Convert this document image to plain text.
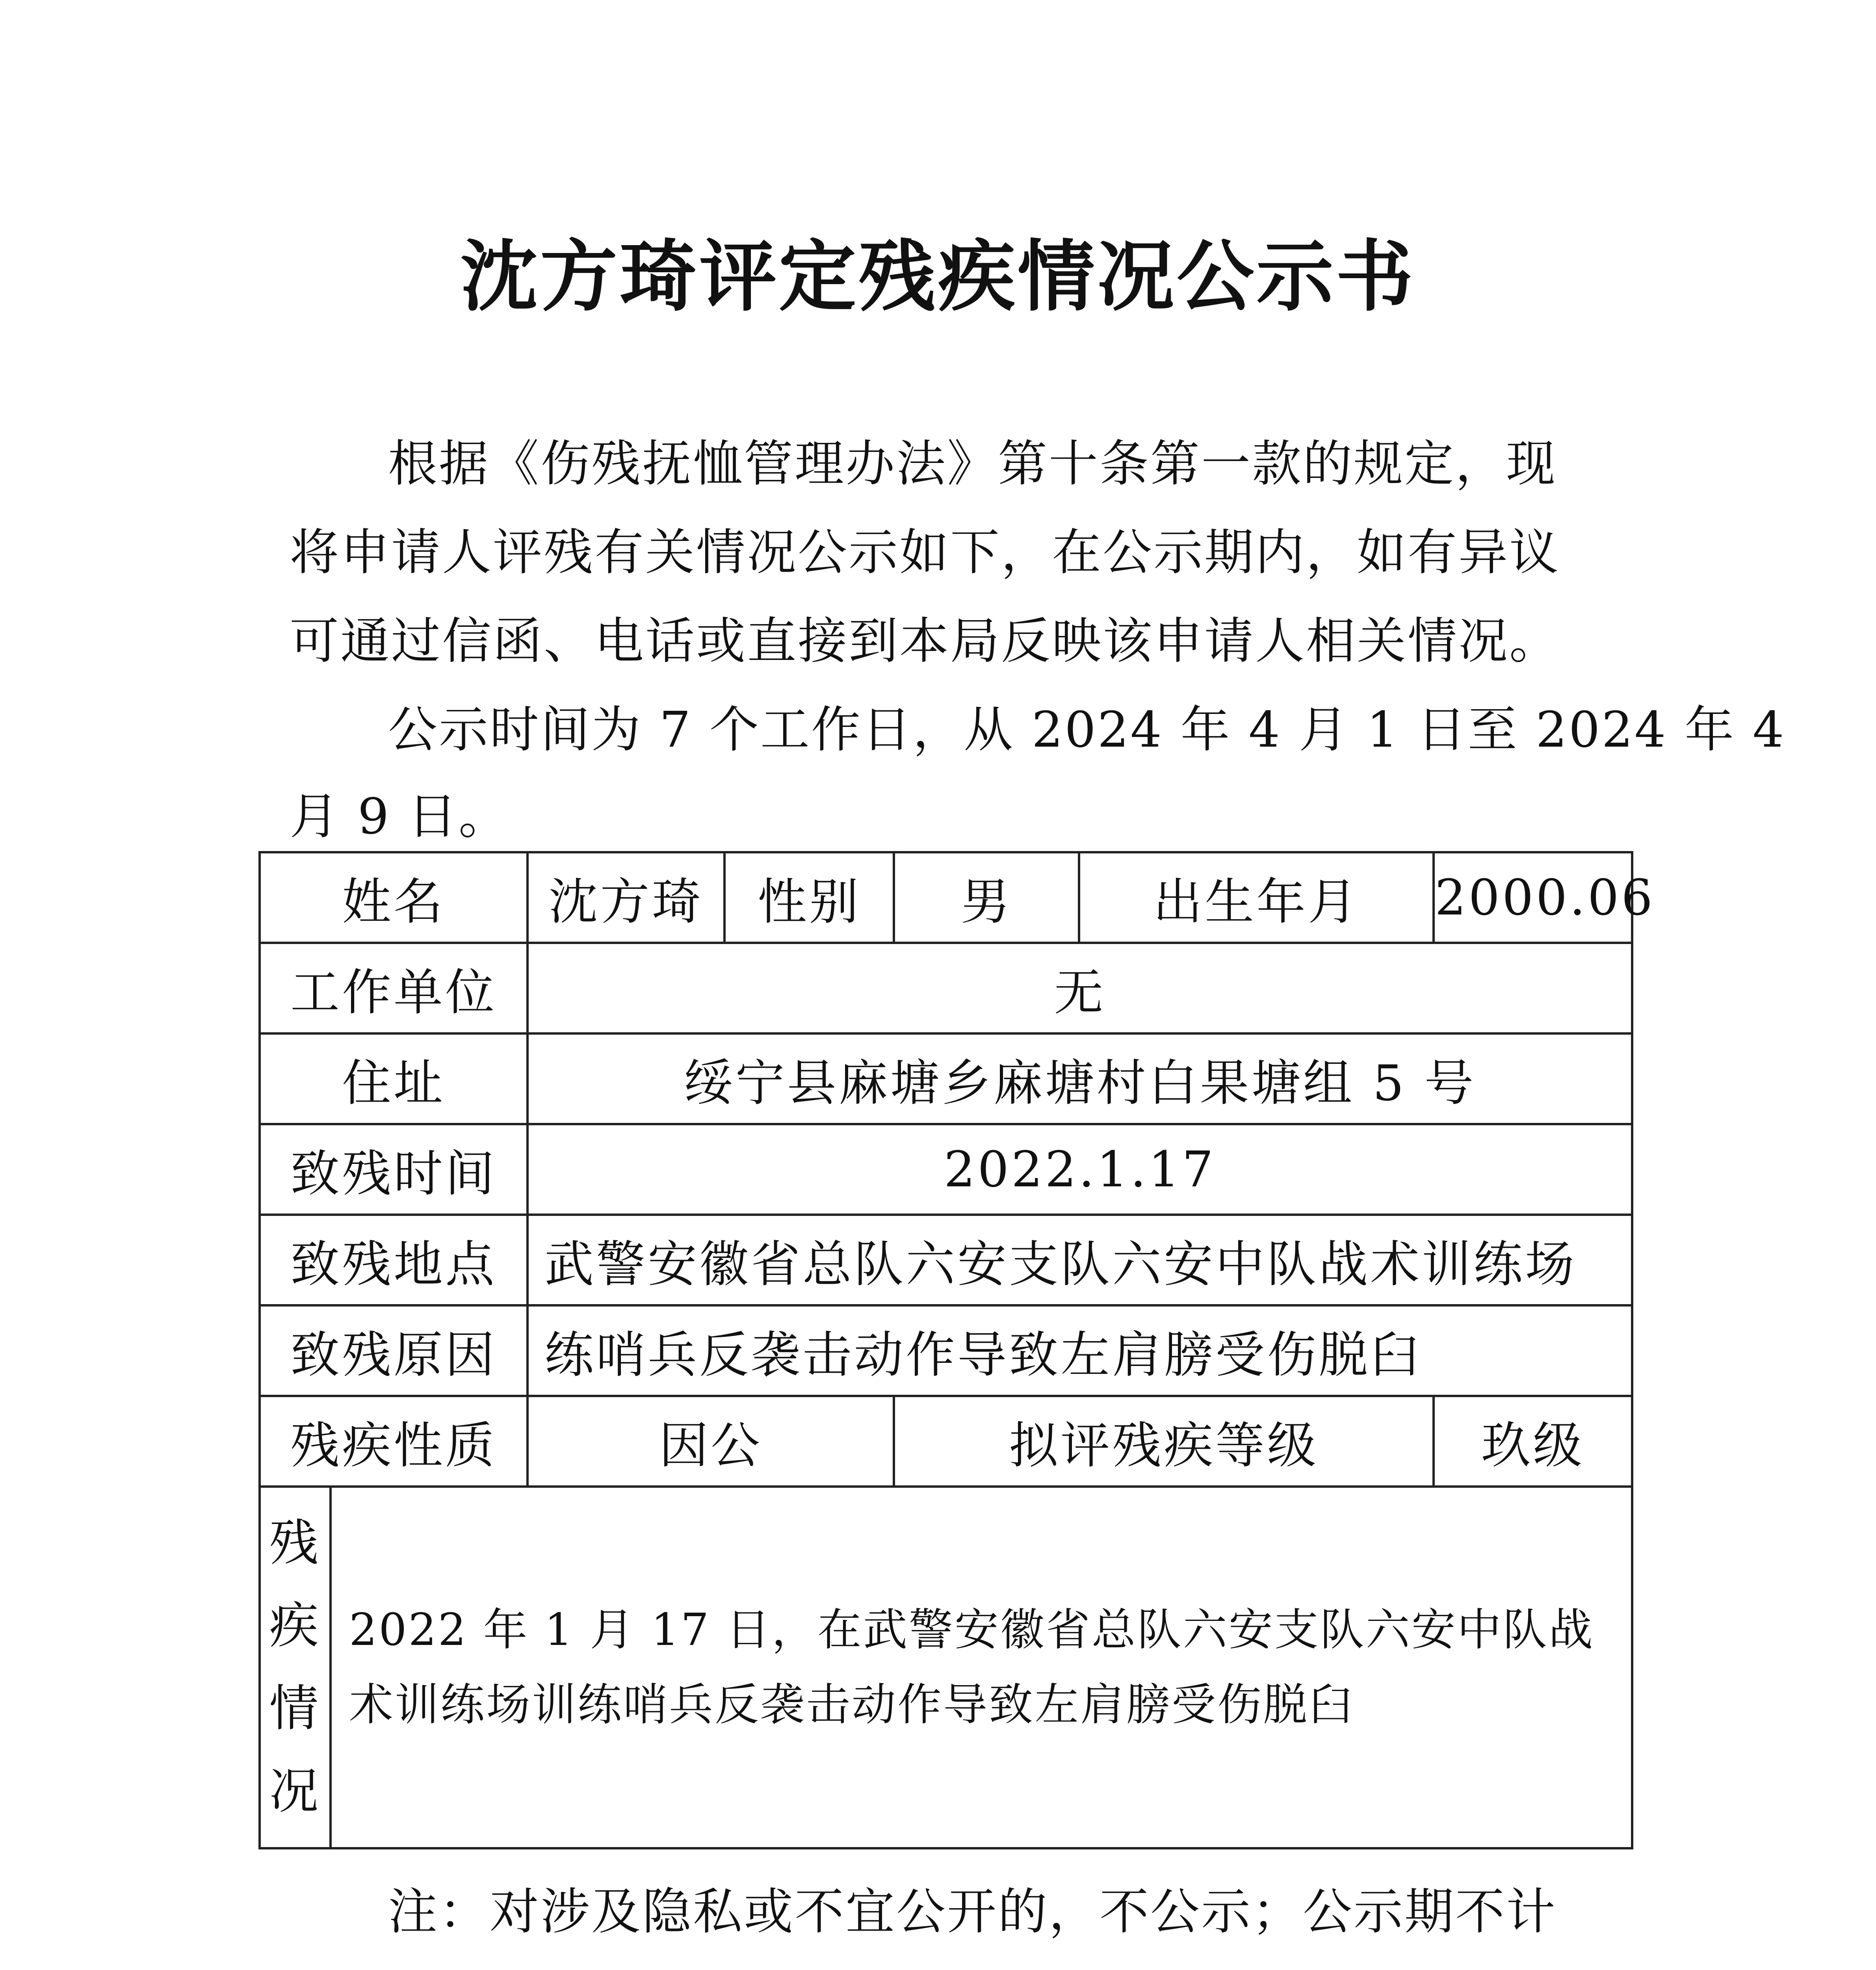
沈方琦评定残疾情况公示书
根据《伤残抚恤管理办法》第十条第一款的规定，现
将申请人评残有关情况公示如下，在公示期内，如有异议
可通过信函、电话或直接到本局反映该申请人相关情况。
公示时间为 7 个工作日，从 2024 年 4 月 1 日至 2024 年 4
月 9 日。
姓名		沈方琦	性别	男	出生年月	2000.06
工作单位		无				
住址		绥宁县麻塘乡麻塘村白果塘组 5 号				
致残时间		2022.1.17				
致残地点		武警安徽省总队六安支队六安中队战术训练场				
致残原因		练哨兵反袭击动作导致左肩膀受伤脱臼				
残疾性质		因公		拟评残疾等级		玖级
残疾情况	2022 年 1 月 17 日，在武警安徽省总队六安支队六安中队战术训练场训练哨兵反袭击动作导致左肩膀受伤脱臼					
注：对涉及隐私或不宜公开的，不公示；公示期不计
